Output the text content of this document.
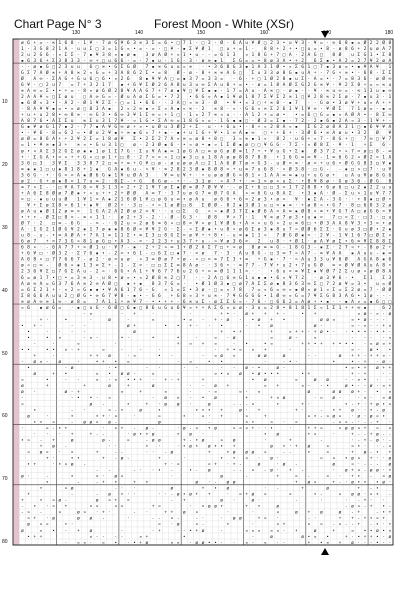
Chart Page N° 3	Forest Moon - White (XSr)
130	140	150	160	170	180
10
20
30
40
50
60
70
80
ø 6 + = - ∞ 1 6 8 · 1 ¥ - 7 ø G ¥ 6 3 ∞ 3 Σ = 6 • □ 7 1 - □ 3 · Ø - 6 A u ¥ Ø □ 2 3 • u ¥ 3 - ¥ = · ∞ 6 8 ▪ = Ø 2 2 Ø 8
1 · 3 G 8 2 1 A - u u Σ □ 3 = 1 G ¤ • = - = · □ ¥ - ▪ Σ ¥ Ø 1 □ u + = 1 · 8 8 + 2 + • □ u = • 8 - ø 8 6 + 2 u ø A 7
2 u 2 G 6 · ¤ Σ Σ - 7 ▪ ¥ 3 8 ¤ ▪ ø ▪ 3 ø A Ø + ¤ 1 • u - - = 6 1 3 ¤ 1 8 G + 7 □ A · 2 A G □ 8 Ø u Σ G 1 • Σ 8
▪ 6 3 6 + Σ 3 8 3 3 - ∞ + □ u 6 6 - = · 7 ▪ u - 1 G - 3 · ø ∞ ▪ 1 Σ G = = • 8 ø 3 A • + 2 6 Σ ▪ • A 2 = 2 7 ¥ 2 ø A
· · ø ▪ G □ 2 3 u u 6 □ ∞ • G Σ G Ø 7 ▪ ∞ G u u ¤ ∞ · • 3 6 8 G 3 ▪ 1 A 3 1 Ø • ¤ Σ 6 1 □ 7 ▪ 3 ø = • ▪ ¥ A ¥ 1
G Σ 7 A Ø ∞ + A 8 ∞ 2 ¤ G = + 3 A 8 6 2 Σ • = 8 Ø - ø - 8 + ∞ ∞ A G □ Σ u 3 3 ø 8 G ▪ u A + - 7 G + ∞ • - 6 8 - Σ Σ
Ø A ∞ · Σ A G + G u 6 □ 6 • ¤ 2 6 8 ▪ ¥ ¥ A □ = ▪ 3 7 = 3 3 = - 6 · + □ 1 Ø 2 8 ▪ u Σ - A = • · 7 = 8 3 6 · ø Ø ∞
6 ¥ · □ 2 u 7 = 7 + 3 2 1 7 ▪ + 6 ¥ Σ Ø 2 6 A 8 u 3 u ∞ Σ A u 8 + = • - ø = 1 8 A Ø Σ G 2 G ∞ ¥ · ¥ 2 Σ 8 + = ¤ ∞ u
∞ A ∞ = Σ • • + = · 8 ¤ ø 6 Ø 2 8 ¥ A A G 7 + 7 ø ▪ ¥ □ ¥ Σ ▪ ▪ · 1 7 = A u · A ∞ □ · ø ▪ · · ¥ · ∞ u ∞ = · ∞ 1 3 u ▪ ∞
2 A A ¥ ¤ □ Σ ø u □ A ∞ G ¤ - Ø u A ø Σ G = • 7 2 • 6 G ¤ A ▪ 1 ¥ ø 1 8 7 Σ ¥ Σ 2 ∞ 1 □ ¥ 2 8 ∞ 2 Σ ø · 7 ▪ u 3 · 1
▪ 6 Ø ¤ 3 • - A 2 - Ø 1 ¥ Σ Σ - □ = 1 • 6 6 - - 3 A □ ¤ ∞ 3 - Ø • ¥ • ¤ 3 □ + ∞ 8 - ▪ 7 · - G ø • 3 ø ¥ + u ¤ A + +
· 8 A ¥ ¥ ▪ = • ¤ ø □ 8 3 A ▪ 2 ¤ 2 ∞ ▪ ¤ Σ ¤ A ▪ ¤ ∞ - 2 ∞ 8 · ¤ - G 6 ¤ ∞ Σ 2 6 1 ¥ 1 ¥ ∞ · ¥ Ø Σ 7 1 ø = - ▪ =
+ u + u 2 8 • ∞ 8 ∞ · ∞ G 3 • 6 ∞ 3 ¥ 1 Σ ∞ ¤ + 1 □ · 1 ¤ 2 7 ∞ ¤ u · · A 1 2 + = ø • • = 6 □ G = ▪ ¤ A Ø A • - 8 Σ ∞
A 8 7 6 • A Σ Σ u ∞ Σ u 3 1 7 ¥ - ¤ 1 G • Σ A ∞ = 1 8 G ¤ = · 1 G ▪ ▪ □ - Ø 3 = Σ ▪ · 7 2 · 2 ▪ 6 ▪ 2 A ¤ 3 - 1 ¥ + -
G ▪ ¥ ø G 1 7 ▪ 2 - 7 7 ▪ A ¥ G ∞ ø + ¤ • u Ø u 3 Ø 2 + Σ · u · + 6 u • - 8 + ¤ 2 8 A ¤ ▪ Σ G 2 ø 8 A 3 1 □ ▪ 6 ¥ ¥ A
• - ¥ 6 - 8 = G 2 ¤ • Ø u 2 ¥ ▪ + ∞ ▪ 6 ¤ 7 + ▪ - ▪ + u 1 G + ¥ • 1 ∞ A ▪ ∞ □ + + 6 + · 3 Ø 6 • ∞ A ø u • 3 2 Ø ¥
ø Ø = 8 6 A + + 2 ¥ 2 Σ = 1 8 ø ¥ Σ • 2 Σ 2 7 A ¤ ∞ = ø 8 + 8 □ 3 ¤ ∞ ▪ 1 ¤ 8 2 · u 6 + ¤ 7 - 8 G + □ 7 ∞ □ ¥ 7
= 1 • ¥ ∞ ▪ 3 + ∞ ¤ • G u 3 1 □ ø - 2 3 Ø ▪ 6 - • ¤ ø • ▪ ¤ 1 Σ Ø ▪ ø □ □ ¥ G G · 7 Σ - ¤ Ø 8 Σ · ¥ · 1 + Σ 6 ·
ø • ¤ A Σ 3 2 G Σ ø ▪ ▪ 1 ø 1 Σ 7 G · Σ u ¥ A ▪ ∞ 1 ø G A □ ∞ ø G ø Ø ∞ 1 7 + + ¥ u G + Σ ▪ Ø 3 7 2 • ¤ 7 = ø □ 8 - ∞
+ · Σ G A • = ¤ + + G ¤ □ ø 1 + □ 8 · 2 7 = = ¤ 1 □ ▪ 3 □ u 1 8 A ø ø 8 8 7 8 8 • 1 6 G ∞ ∞ ¥ - 1 ∞ 6 G 2 ¤ Ø 2 = 1 A
3 6 □ 3 3 ¥ Σ 3 3 8 7 2 □ ∞ + ∞ + G ¥ □ ø - ø u ø ø A □ 2 1 A 6 Ø 7 ø = G 3 - u Ø = ∞ · ø = + u 6 • Ø G G 8 3 □ ¥ ▪
∞ ▪ ▪ 1 □ u ▪ 8 1 8 + 1 ▪ G A ▪ 6 u - ¤ ¥ · ∞ 2 8 2 3 Ø ▪ 8 Ø 8 = + u ∞ 7 u 6 8 · ¤ Ø 3 8 · □ G - - ▪ □ ¤ □ 7 · u ¥
3 6 G · + · G = = A ▪ Ø 6 G ▪ 1 ¥ u Ø A 3	¥ ∞ u ¥ + · • u ø ø Ø G = 8 1 ¤ 1 A A ∞ ∞ ▪ u + u G ø + u A u ¥ ø 8 G 6
ø 2 · G + ø ▪ 8 = 1 7 u ∞ 2 · 8 Σ - + G 8 G ø - • · - 3 1 ø · ¤ A 7 + · ∞ 1 = ø ¤ u Σ · • 8 ¥ 8 ø · G ø 3 6 - Ø G 8
∞ 7 ¤ Σ - · □ ¥ A 7 8 = ¥ 3 1 3 = 2 + 2 1 ¥ 7 ø Σ ▪ Ø ∞ Ø 7 Ø ¥ ¥ · - ø Σ + 6 □ □ 3 = 1 7 2 8 8 • 6 ø 6 □ u 2 ▪ 2 2 u u
+ A 6 Σ 8 Ø ø 7 Ø ▪ + ¤ u + + 2 + Ø Ø A ∞ 7 · 3 7 u ø G 7 ∞ Ø 7 G A ¤ ∞ 6 G u 8 A Σ • 3 ▪ A · Ø - Σ u ¤ 1 u ¥ 7 7
= □ - ▪ u u u Ø 1 ¥ 1 = A ▪ 2 1 6 Ø 1 ¥ □ ø 6 u ∞ • ø A u ø 6 6 + 6 = 2 ø 3 • ø = ¥ · ▪ Σ A - 3 G · · • 8 ▪ □ Ø •
¥ + Σ ø Σ 8 = 6 1 • ▪ ¥ Ø 2 + · 3 □ - • ¤ 1 ø Ø □ 8 Σ Ø Ø - 8 2 ▪ 3 Ø 1 u □ = ▪ ∞ · + ø 8 ¤ • G 7 · 8 □ 6 8 3 2 ø
ø A u ▪ Ø 1 2 ø ∞ = 1 G A 2 A 2 Ø ø 2 = ¥ · · u □ Σ G ¤ ¤ ▪ Ø 3 7 Σ ▪ Ø 6 A = A ∞ ▪ Ø 8 ¤ ∞ + ¥ G 7 A □ ø G 6 = ¥
• + • - Ø Σ □ 8 = - ∞ ¤ 1 1 · ø 2 + 3 - 2 · - Ø - G 3 · Ø 8 ¥ ¤ 7 · 1 ¥ ∞ ø 7 ø 3 • u ▪ = 7 □ = Σ · □ 3 · □ u
Ø 7 · 2 □ ∞ - 6 G - = - · 6 2 u ¤ 2 ø 6 ∞ 6 ¤ □ 8 = ¥ ¤ ø 1 ¥ Ø 6 + A = ¤ u 6 ¤ 2 u ∞ 6 □ + Ø 3 A A 8 ¥ 3 • 3 = • ø
A · 1 G 2 1 Ø G ¥ 2 ▪ 1 7 ø ▪ ▪ 8 6 Ø = ¥ ¥ 2 G · Σ - ¤ Σ Ø ▪ • u 8 ¤ ø 6 Σ ø 3 ▪ 8 u 7 ¤ Ø Ø 6 Σ Σ · G u ø 3 □ Ø • 2 ▪
u 8 - u - • ∞ A Ø A + 7 A 1 ∞ 1 1 Σ • ∞ Σ 3 □ 8 G Σ = ø ¥ + + 8 • - u ∞ ▪ 1 1 ¤ 7 Ø G Ø ▪ = · 2 ¥ - 1 ¥ 1 6 7 □ Ø Σ ¤
6 ø 7 + = 7 3 G ¤ 8 1 ø G □ • A 3 - = · 2 2 3 + u 3 7 + u - ¤ ¥ ø 3 6 = 2 u 8 · + Ø 1 · ø A ¥ ø Σ • 6 ∞ ¥ Σ 8 8 Σ
6 8 ¤ · - 6 A 7 7 + = Ø 1 u · ¥ 7 - ▪ · 2 + 2 ¤ ∞ 1 + Ø 2 A Σ 7 □ + = ø 8 ø ∞ ∞ G - 1 8 G 3 - ▪ Σ · 2 7 ¤ + - 8 ø 2 +
+ 6 ¥ □ · Ø 3 2 · Σ 7 6 ▪ • - 2 = • 6 1 - □ 6 Σ □ ▪ 7 · = ø 7 · 3 · A u 8 G - □ 3 ∞ 7 ¤ A 7 - ∞ ¥ A A ▪ A u u - ▪ ∞
A 6 8 ¤ □ 7 7 6 6 7 - ø 2 · ø = u ø ¤ 3 ∞ Ø ø 7 • ø - ¤ □ = ∞ 7 Σ 3 + ∞ + G ▪ · 7 · ¤ A u 3 3 u ¥ 6 Ø A G A 8 ▪ 6
ø ¤ □ ∞ - Ø 6 ¤ ▪ 1 3 ∞ Σ + - 1 - Σ = · □ □ Σ Σ ∞ 8 A ø · · 3 6 • · ∞ 7 7 - 7 ¥ + u 2 • 7 u G Ø ∞ = Ø ¥ Ø A u A 8 •
2 3 6 ¥ Σ □ 7 G Σ A u - 2 ¤ · 6 G • A 1 + ¥ 6 7 7 6 u 2 G + = ∞ Ø 1 1 1 = · · • 6 u = ∞ ¥ Σ ▪ ¥ Ø 7 2 Σ u ø ¤ ø Ø 8 A
6 = ø 1 7 • □ • = 3 ∞ 3 · u 8 • ø ¤ • ¤ 2 Ø 8 ∞ 2 □ 7 · - 2 A □ 6 ∞ G 1 u ▪ ▪ • 6 ¤ ¥ 7 2 · ø 3 ¥ 6 · • Σ 1 Σ 3
A ø ∞ A = G 3 7 6 A ∞ 2 ∞ A Ø □ ▪ + ▪ 8 3 7 G = · • Ø 1 Ø 3 ▪ □ ø 7 A Σ Σ ø ▪ 8 3 6 3 ∞ Σ □ 7 2 ø ¥ = 3 • u = Ø
= 6 Σ 2 1 + · ¤ 2 ¤ G ▪ ▪ • ¥ A 6 1 7 6 - G ¤ 1 = Σ • 3 ø - □ = ¤ 7 8 7 = ¤ 6 = ∞ ¤ ▪ Ø ¤ ø 1 ¤ Σ = Σ 2 ø = 7 · Ø Ø
Σ 8 6 6 A u u 2 □ Ø G • ∞ 6 7 ¥ 8 - ▪ • - G 6 + G 8 ¤ 3 + u ∞ · 7 ¥ G G G G • 1 Ø ∞ ¤ G = 7 ¥ Σ G 8 3 A 6 • 1 ø - - -
∞ ø A ∞ ∞ 1 ∞ · ø 8 = 7 A 1 1 + ∞ ¥ 7 · • • + + - 6 ∞ u Σ · ø Σ Σ G ¤ · 7 6 · □ 6 6 2 = A ø + • ▪ · · ▪ A ¤ = ▪ 6 □ □
¤ 6 ▪ ø 6 = · ▪ □ u G - 6 Ø □ 6 ▪ □ 8 6 u G u 6 ¥ ¤ + + A Σ 6 ¤ u ø - 3 u = 2 8 • 8 1 8 1 Σ ¤ 1 Σ 1 + + ∞ ▪	6 2
- ¤	- +	·	-	+ • · ø + + + -	• +	¤ ø - ¤ · ø
+ ·	•	·	ø	-	¤	• ¤ - + - ø - • ø + •	ø ø ¤	¤ • ø · - -
• + -	- -	ø +	• • + - · •	- • ø	ø ·	¤ - ¤ · - + ¤
•	- · - -	ø	+ • +	+	¤ + + - + ø • - · • • • · • + -
•	• ¤	- ¤ -	• ·	•	•	·	¤ · ø	¤	ø -	¤	- - · - ¤
-	·	¤	·	+ ¤ + ¤	· •	• ¤	+ + • + + • • • · ¤ ø ¤ +
• •	• • ¤ - +	¤	-	-	·	· + • ¤ ¤ +	-	-	¤ - ø • •
+	·	+ + ø	· ¤	• -	- ¤ ø ¤	ø ø	ø	- ·	ø + + - + + ¤ ·
- ø ¤ - ø	-	• + • ¤	- ¤	• •	-	- • -	•	• - + - ø ·
•	· ø	· •	- ·	· -	- - ø - •	ø -	• ¤ • + ø + +
ø	+ •	¤ • ø ø ·	¤	·	¤ • ¤ ø • ø • • •	• +	+ - +	· -
¤	•	- -	¤ · ¤ • • + · + - +	+	• ø	¤	ø ø	- - ¤ • · -
ø	+	+	ø	+	ø	· - ø +	¤ +	¤ - - •	ø • · - ø · ¤ +
ø ·	ø - +	¤	+	¤	·	- ¤	¤ · ¤	ø	ø ø ø + · • ¤
-	· • • · ¤	- ø ¤ - • ø	+	+ ¤ ø	· ¤ ø ·	· ¤ · ¤ ø
¤	ø -	•	+ · ø ø ·	ø	- - - ¤	•	+ ·	• - + · + ø • ¤
•	- ·	¤ - •	ø	•	• • • +	ø · +	+ ·	- • + ø · · • - ø
ø	·	•	• + · ¤	·	¤	•	¤ · +	¤	+	¤ • - ¤ ø ¤ · ø · ø ¤ •
• • ¤	- ø ø ¤ ø -	ø	-	¤ •	¤ · ¤	- ¤ ¤ - · - - + ·
·	¤ - • +	· ¤ + - ø -	· ø - ¤ + ø	¤ ¤ ¤ + · · •	·	+ + ¤	¤ ø ø ¤ + ¤ ¤
· · · +	+ - -	· ø • • ø	• ø ·	• ø	+ ¤	·	+ - - + ø - -
• ¤ - +	ø	ø -	¤	- ø ø	+ - • ø	¤ ø	·	+	-	· - + - ø · -
+ ø -	· ·	• ·	· • ø • ø • • +	ø • · + ø	¤	¤ • · · - ¤
¤ ø ¤ · ¤	+	- -	· · - ø	+	• ø ø ø ¤	- -	•	¤	+ ø - • +
+ ·	• •	+ - ø -	+	·	• • ¤ · ø ·	¤ ¤ • ø ¤ + · · ø
• +	· • ¤ ø -	+ · ¤	¤ + · + -	ø	· ø -	ø	¤ · - - - ø
- -	- · · • -	• - ø	- - ¤ - ø · + -	· ø + ¤ - ø ø · •
ø ·	-	•	¤ · ø ¤	·	ø	-	+	¤ -	¤ · + • - ¤ ø
•	-	- + •	+ •	ø · - ø ø	+ ø ¤	+ - · ø • • • ø ·
•	¤ ø	- · ·	ø	+ • ø	· -	+	ø	+ - •
+	-	- ø • · ·	· · - ø • ø + +	· ¤ + ø ¤	¤	• -	¤ ø ø · ¤ • -
+	• ¤ ø -	ø ¤ + ¤	- +	ø ·	ø ·	-	·	· - + · ·
- • · ¤ +	¤ ¤	¤ ¤	+ ¤	· ¤ ø ø •	+ •	ø	- ø ¤ - + • -
- ¤ -	¤	ø ¤ · + ·	- ·	+ + ø ¤	·	·	¤	ø + ø	ø - +	- • +
¤ + · ø	ø ø -	·	- - ¤ -	- ·	· ø ø	+ ¤ ·	- ·	+ + - + • ¤ +
ø ¤ ¤	• ·	¤ · ø	¤ -	•	·	¤ +	¤ ¤ - ¤ - - + - • · •
ø	¤ • · + ø	·	· +	· - • + ø	·	¤ ¤ ¤ ¤ ¤ · +	ø	+	¤ • • ø • ¤
• + +	¤ - - - -	¤ +	•	-	ø	ø • ¤ •	+ · • + + • - ø
- ¤ ¤ · ¤ • · • + ø	¤ ¤ · ø ø • • · - ¤ - ¤ · -	+ • ¤ + ø · - - • - ·
